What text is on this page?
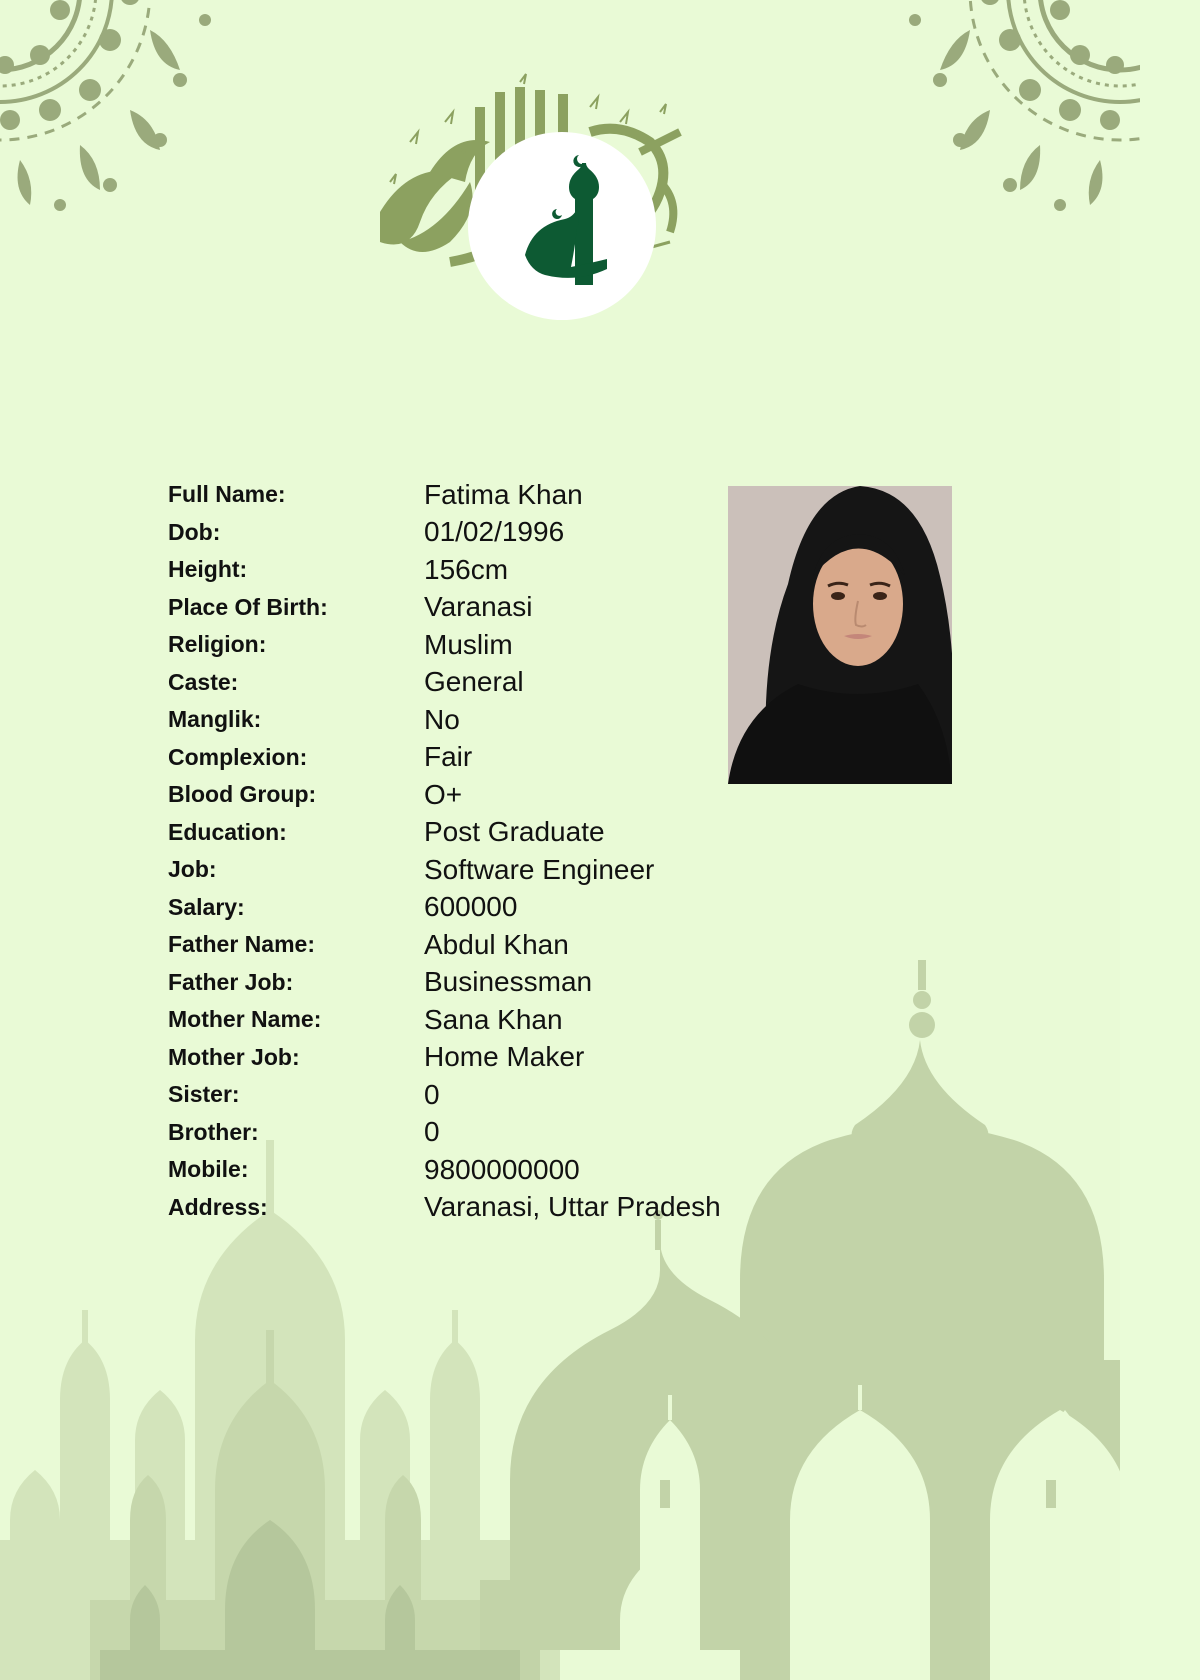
Full Name:	Fatima Khan
Dob:	01/02/1996
Height:	156cm
Place Of Birth:	Varanasi
Religion:	Muslim
Caste:	General
Manglik:	No
Complexion:	Fair
Blood Group:	O+
Education:	Post Graduate
Job:	Software Engineer
Salary:	600000
Father Name:	Abdul Khan
Father Job:	Businessman
Mother Name:	Sana Khan
Mother Job:	Home Maker
Sister:	0
Brother:	0
Mobile:	9800000000
Address:	Varanasi, Uttar Pradesh
